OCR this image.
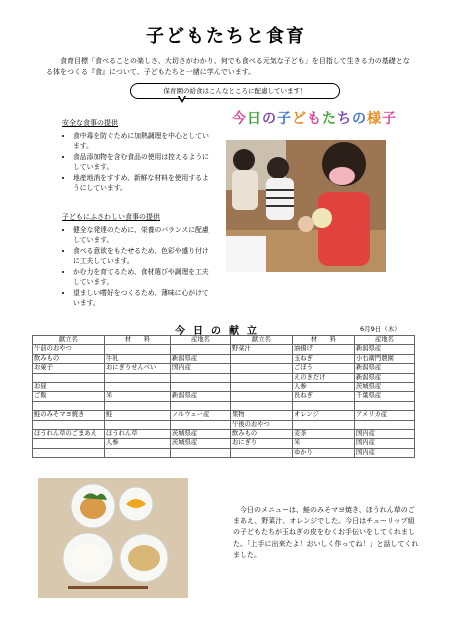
子どもたちと食育

食育目標「食べることの楽しさ、大切さがわかり、何でも食べる元気な子ども」を目指して生きる力の基礎となる体をつくる『食』について、子どもたちと一緒に学んでいます。

保育園の給食はこんなところに配慮しています！
安全な食事の提供
• 食中毒を防ぐために加熱調理を中心としています。
• 食品添加物を含む食品の使用は控えるようにしています。
• 地産地消をすすめ、新鮮な材料を使用するようにしています。
子どもにふさわしい食事の提供
• 健全な発達のために、栄養のバランスに配慮しています。
• 食べる意欲をもたせるため、色彩や盛り付けに工夫しています。
• かむ力を育てるため、食材選びや調理を工夫しています。
• 望ましい嗜好をつくるため、薄味に心がけています。
今日の子どもたちの様子
今日の献立	6月9日（木）
献立名	材　　料	産地名	献立名	材　　料	産地名
午前のおやつ			野菜汁	油揚げ	新潟県産
飲みもの	牛乳	新潟県産		玉ねぎ	小右衛門農園
お菓子	おにぎりせんべい	国内産		ごぼう	新潟県産
				えのきだけ	新潟県産
お昼				人参	茨城県産
ご飯	米	新潟県産		長ねぎ	千葉県産

鮭のみそマヨ焼き	鮭	ノルウェー産	果物	オレンジ	アメリカ産
			午後のおやつ		
ほうれん草のごまあえ	ほうれん草	茨城県産	飲みもの	麦茶	国内産
	人参	茨城県産	おにぎり	米	国内産
				ゆかり	国内産

今日のメニューは、鮭のみそマヨ焼き、ほうれん草のごまあえ、野菜汁、オレンジでした。今日はチューリップ組の子どもたちが玉ねぎの皮をむくお手伝いをしてくれました。「上手に出来たよ！おいしく作ってね！」と話してくれました。
